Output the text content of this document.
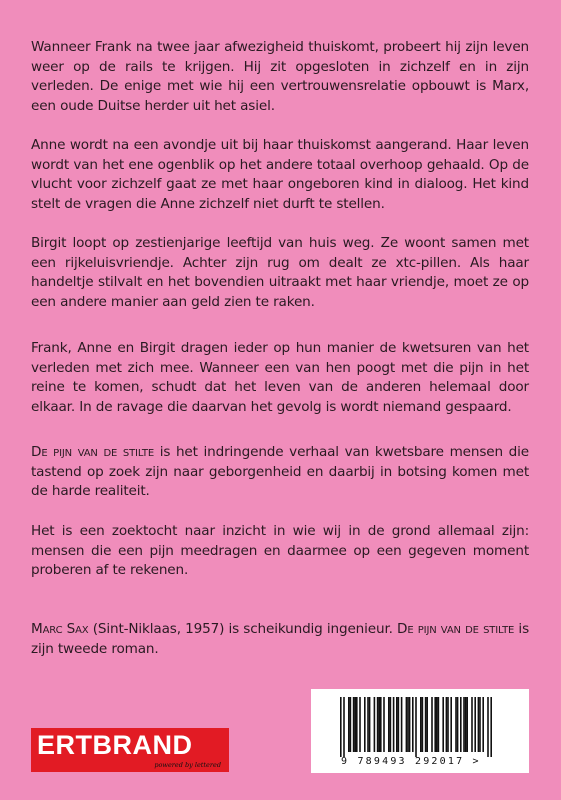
Wanneer Frank na twee jaar afwezigheid thuiskomt, probeert hij zijn leven weer op de rails te krijgen. Hij zit opgesloten in zichzelf en in zijn verleden. De enige met wie hij een vertrouwensrelatie opbouwt is Marx, een oude Duitse herder uit het asiel.

Anne wordt na een avondje uit bij haar thuiskomst aangerand. Haar leven wordt van het ene ogenblik op het andere totaal overhoop gehaald. Op de vlucht voor zichzelf gaat ze met haar ongeboren kind in dialoog. Het kind stelt de vragen die Anne zichzelf niet durft te stellen.

Birgit loopt op zestienjarige leeftijd van huis weg. Ze woont samen met een rijkeluisvriendje. Achter zijn rug om dealt ze xtc-pillen. Als haar handeltje stilvalt en het bovendien uitraakt met haar vriendje, moet ze op een andere manier aan geld zien te raken.

Frank, Anne en Birgit dragen ieder op hun manier de kwetsuren van het verleden met zich mee. Wanneer een van hen poogt met die pijn in het reine te komen, schudt dat het leven van de anderen helemaal door elkaar. In de ravage die daarvan het gevolg is wordt niemand gespaard.

De pijn van de stilte is het indringende verhaal van kwetsbare mensen die tastend op zoek zijn naar geborgenheid en daarbij in botsing komen met de harde realiteit.

Het is een zoektocht naar inzicht in wie wij in de grond allemaal zijn: mensen die een pijn meedragen en daarmee op een gegeven moment proberen af te rekenen.

Marc Sax (Sint-Niklaas, 1957) is scheikundig ingenieur. De pijn van de stilte is zijn tweede roman.

9 789493 292017 >
ERTBRAND
powered by lettered
